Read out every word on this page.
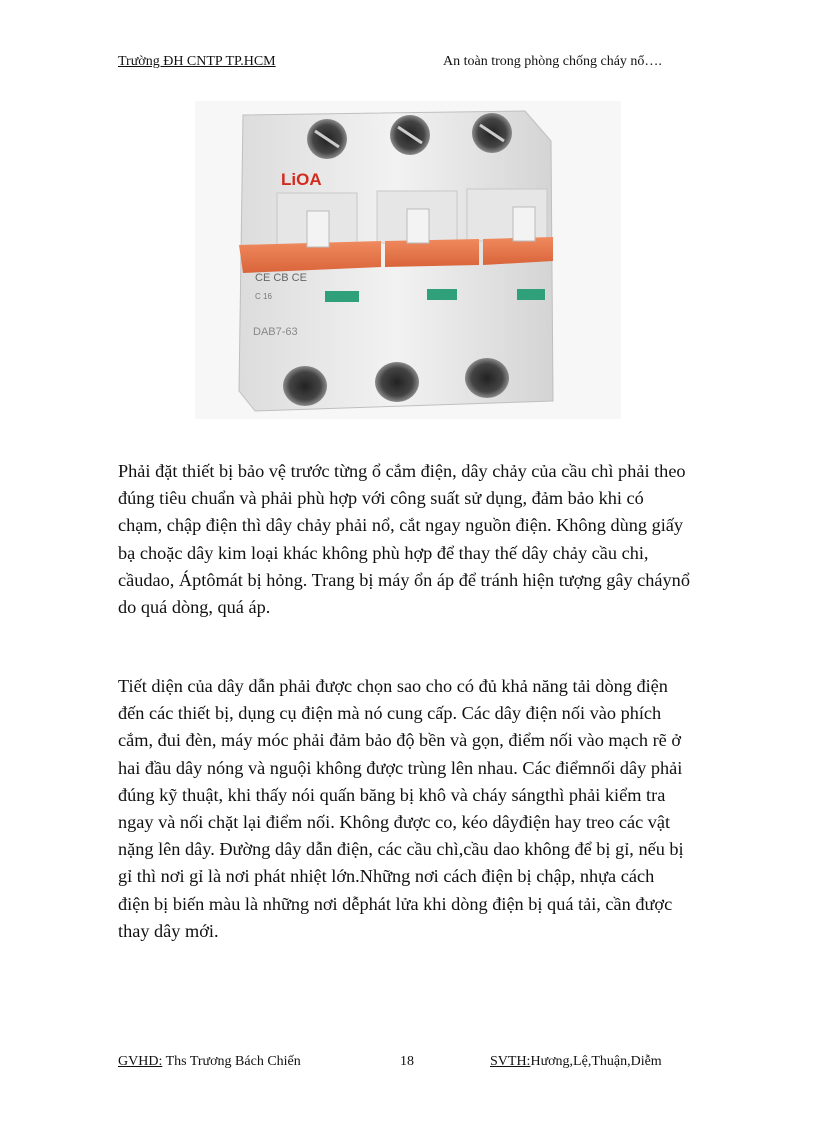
Trường ĐH CNTP TP.HCM	An toàn trong phòng chống cháy nổ….
LiOA
CE CB CE
C 16
DAB7-63

Phải đặt thiết bị bảo vệ trước từng ổ cắm điện, dây chảy của cầu chì phải theo đúng tiêu chuẩn và phải phù hợp với công suất sử dụng, đảm bảo khi có chạm, chập điện thì dây chảy phải nổ, cắt ngay nguồn điện. Không dùng giấy bạ choặc dây kim loại khác không phù hợp để thay thế dây chảy cầu chi, cầudao, Áptômát bị hỏng. Trang bị máy ổn áp để tránh hiện tượng gây cháynổ do quá dòng, quá áp.

Tiết diện của dây dẫn phải được chọn sao cho có đủ khả năng tải dòng điện đến các thiết bị, dụng cụ điện mà nó cung cấp. Các dây điện nối vào phích cắm, đui đèn, máy móc phải đảm bảo độ bền và gọn, điểm nối vào mạch rẽ ở hai đầu dây nóng và nguội không được trùng lên nhau. Các điểmnối dây phải đúng kỹ thuật, khi thấy nói quấn băng bị khô và cháy sángthì phải kiểm tra ngay và nối chặt lại điểm nối. Không được co, kéo dâyđiện hay treo các vật nặng lên dây. Đường dây dẫn điện, các cầu chì,cầu dao không để bị gỉ, nếu bị gỉ thì nơi gỉ là nơi phát nhiệt lớn.Những nơi cách điện bị chập, nhựa cách điện bị biến màu là những nơi dễphát lửa khi dòng điện bị quá tải, cần được thay dây mới.

GVHD: Ths Trương Bách Chiến	18	SVTH:Hương,Lệ,Thuận,Diễm
